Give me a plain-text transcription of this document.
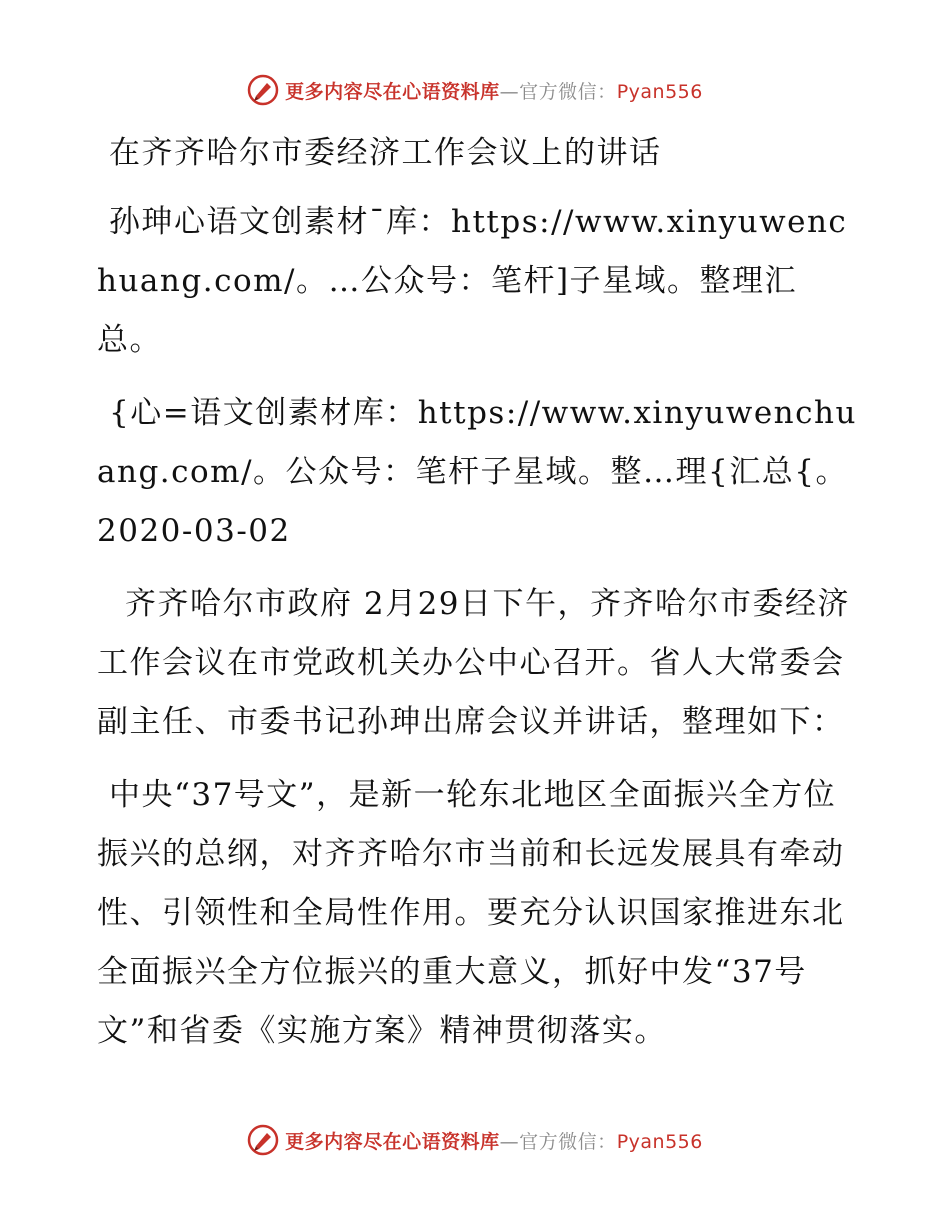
更多内容尽在心语资料库—官方微信：Pyan556

在齐齐哈尔市委经济工作会议上的讲话

孙珅心语文创素材¯库：https://www.xinyuwenchuang.com/。…公众号：笔杆]子星域。整理汇总。

{心=语文创素材库：https://www.xinyuwenchuang.com/。公众号：笔杆子星域。整…理{汇总{。2020-03-02

齐齐哈尔市政府 2月29日下午，齐齐哈尔市委经济工作会议在市党政机关办公中心召开。省人大常委会副主任、市委书记孙珅出席会议并讲话，整理如下：

中央“37号文”，是新一轮东北地区全面振兴全方位振兴的总纲，对齐齐哈尔市当前和长远发展具有牵动性、引领性和全局性作用。要充分认识国家推进东北全面振兴全方位振兴的重大意义，抓好中发“37号文”和省委《实施方案》精神贯彻落实。

更多内容尽在心语资料库—官方微信：Pyan556
